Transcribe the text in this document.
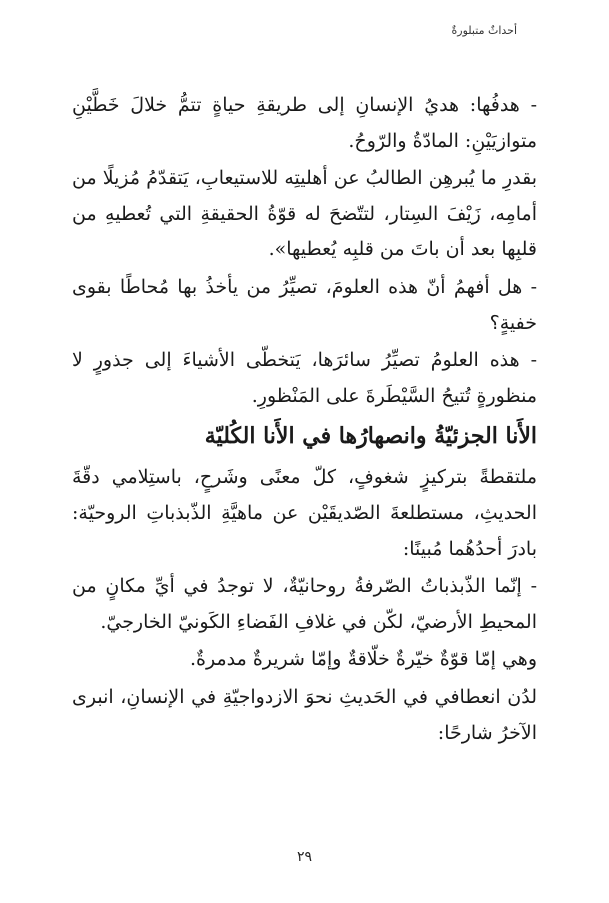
أحداثٌ متبلورةٌ

- هدفُها: هديُ الإنسانِ إلى طريقةِ حياةٍ تتمُّ خلالَ خَطَّيْنِ متوازيَيْنِ: المادّةُ والرّوحُ.

بقدرِ ما يُبرهِن الطالبُ عن أهليتِه للاستيعابِ، يَتقدّمُ مُزيلًا من أمامِه، زَيْفَ السِتار، لتتّضحَ له قوّةُ الحقيقةِ التي تُعطيهِ من قلبِها بعد أن باتَ من قلبِه يُعطيها».

- هل أفهمُ أنّ هذه العلومَ، تصيِّرُ من يأخذُ بها مُحاطًا بقوى خفيةٍ؟

- هذه العلومُ تصيِّرُ سائرَها، يَتخطّى الأشياءَ إلى جذورٍ لا منظورةٍ تُتيحُ السَّيْطَرةَ على المَنْظورِ.

الأَنا الجزئيّةُ وانصهارُها في الأَنا الكُليّة

ملتقطةً بتركيزٍ شغوفٍ، كلّ معنًى وشَرحٍ، باستِلامي دقّةَ الحديثِ، مستطلعةَ الصّديقَيْن عن ماهيَّةِ الذّبذباتِ الروحيّة: بادرَ أحدُهُما مُبينًا:

- إنّما الذّبذباتُ الصّرفةُ روحانيّةٌ، لا توجدُ في أيِّ مكانٍ من المحيطِ الأرضيّ، لكّن في غلافِ الفَضاءِ الكَونيّ الخارجيّ.

وهي إمّا قوّةٌ خيّرةٌ خلّاقةٌ وإمّا شريرةٌ مدمرةٌ.

لدُن انعطافي في الحَديثِ نحوَ الازدواجيّةِ في الإنسانِ، انبرى الآخرُ شارحًا:

٢٩
